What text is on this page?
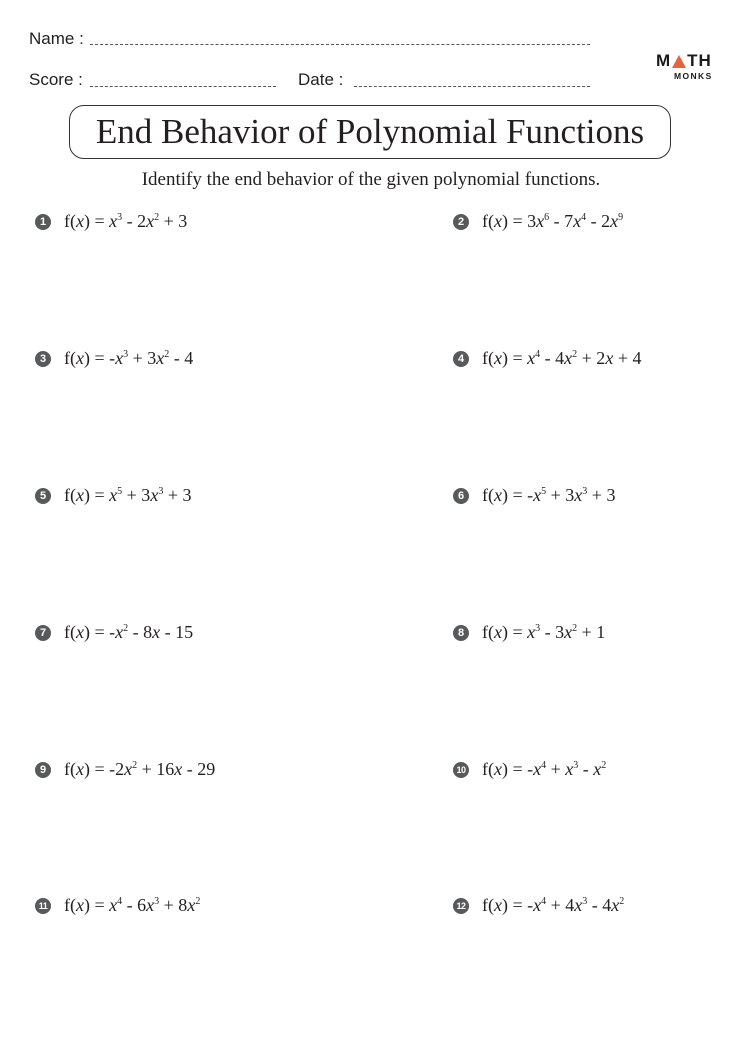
Name :
Score :	Date :
M TH
MONKS
End Behavior of Polynomial Functions
Identify the end behavior of the given polynomial functions.
1 $f(x) = x^3 - 2x^2 + 3$	2 $f(x) = 3x^6 - 7x^4 - 2x^9$
3 $f(x) = -x^3 + 3x^2 - 4$	4 $f(x) = x^4 - 4x^2 + 2x + 4$
5 $f(x) = x^5 + 3x^3 + 3$	6 $f(x) = -x^5 + 3x^3 + 3$
7 $f(x) = -x^2 - 8x - 15$	8 $f(x) = x^3 - 3x^2 + 1$
9 $f(x) = -2x^2 + 16x - 29$	10 $f(x) = -x^4 + x^3 - x^2$
11 $f(x) = x^4 - 6x^3 + 8x^2$	12 $f(x) = -x^4 + 4x^3 - 4x^2$
